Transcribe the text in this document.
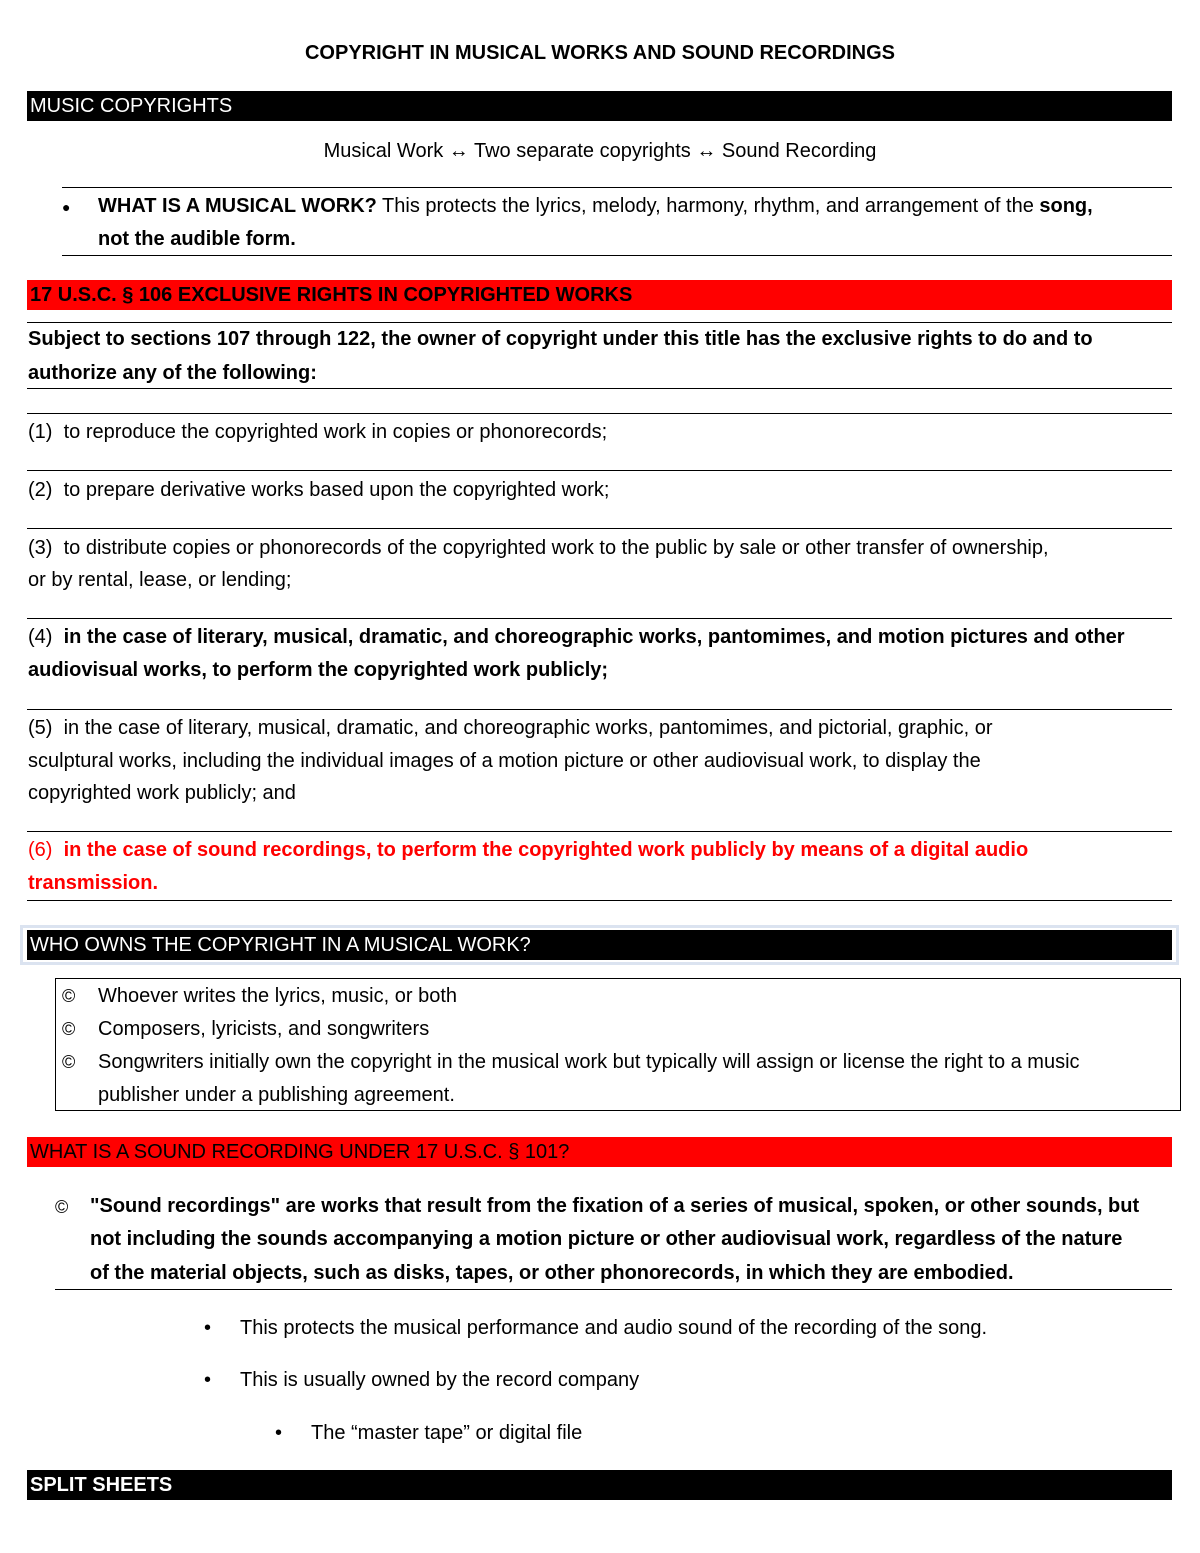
COPYRIGHT IN MUSICAL WORKS AND SOUND RECORDINGS
MUSIC COPYRIGHTS
Musical Work ↔ Two separate copyrights ↔ Sound Recording
● WHAT IS A MUSICAL WORK? This protects the lyrics, melody, harmony, rhythm, and arrangement of the song,
not the audible form.
17 U.S.C. § 106 EXCLUSIVE RIGHTS IN COPYRIGHTED WORKS
Subject to sections 107 through 122, the owner of copyright under this title has the exclusive rights to do and to
authorize any of the following:
(1) to reproduce the copyrighted work in copies or phonorecords;
(2) to prepare derivative works based upon the copyrighted work;
(3) to distribute copies or phonorecords of the copyrighted work to the public by sale or other transfer of ownership,
or by rental, lease, or lending;
(4) in the case of literary, musical, dramatic, and choreographic works, pantomimes, and motion pictures and other
audiovisual works, to perform the copyrighted work publicly;
(5) in the case of literary, musical, dramatic, and choreographic works, pantomimes, and pictorial, graphic, or
sculptural works, including the individual images of a motion picture or other audiovisual work, to display the
copyrighted work publicly; and
(6) in the case of sound recordings, to perform the copyrighted work publicly by means of a digital audio
transmission.
WHO OWNS THE COPYRIGHT IN A MUSICAL WORK?
© Whoever writes the lyrics, music, or both
© Composers, lyricists, and songwriters
© Songwriters initially own the copyright in the musical work but typically will assign or license the right to a music
publisher under a publishing agreement.
WHAT IS A SOUND RECORDING UNDER 17 U.S.C. § 101?
© "Sound recordings" are works that result from the fixation of a series of musical, spoken, or other sounds, but
not including the sounds accompanying a motion picture or other audiovisual work, regardless of the nature
of the material objects, such as disks, tapes, or other phonorecords, in which they are embodied.
• This protects the musical performance and audio sound of the recording of the song.
• This is usually owned by the record company
• The “master tape” or digital file
SPLIT SHEETS
